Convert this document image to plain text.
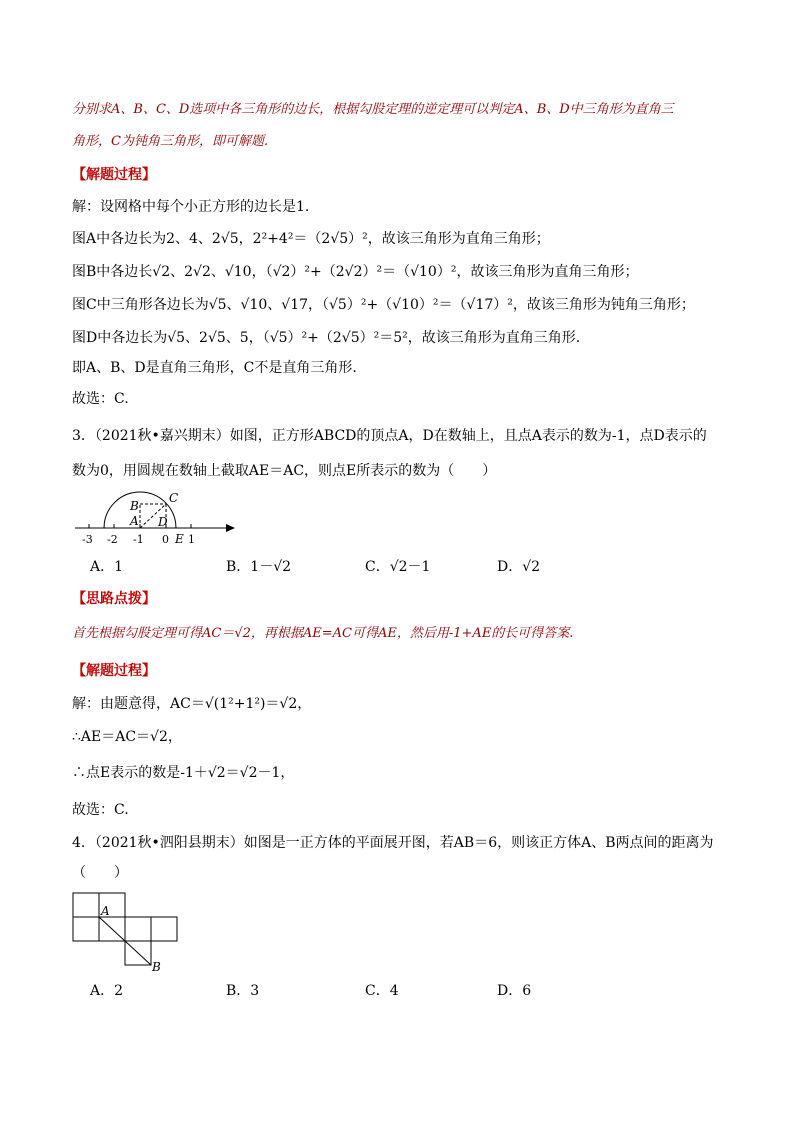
分别求A、B、C、D选项中各三角形的边长，根据勾股定理的逆定理可以判定A、B、D中三角形为直角三
角形，C为钝角三角形，即可解题.
【解题过程】
解：设网格中每个小正方形的边长是1.
图A中各边长为2、4、2√5，2²+4²＝（2√5）²，故该三角形为直角三角形；
图B中各边长√2、2√2、√10，（√2）²+（2√2）²＝（√10）²，故该三角形为直角三角形；
图C中三角形各边长为√5、√10、√17，（√5）²+（√10）²＝（√17）²，故该三角形为钝角三角形；
图D中各边长为√5、2√5、5，（√5）²+（2√5）²＝5²，故该三角形为直角三角形.
即A、B、D是直角三角形，C不是直角三角形.
故选：C.
3．（2021秋•嘉兴期末）如图，正方形ABCD的顶点A，D在数轴上，且点A表示的数为-1，点D表示的
数为0，用圆规在数轴上截取AE＝AC，则点E所表示的数为（　　）
B
A
C
D
E
-3 -2 -1 0 1
A．1	B．1－√2	C．√2－1	D．√2
【思路点拨】
首先根据勾股定理可得AC＝√2，再根据AE=AC可得AE，然后用-1+AE的长可得答案.
【解题过程】
解：由题意得，AC＝√(1²+1²)＝√2，
∴AE＝AC＝√2，
∴点E表示的数是-1＋√2＝√2－1，
故选：C.
4．（2021秋•泗阳县期末）如图是一正方体的平面展开图，若AB＝6，则该正方体A、B两点间的距离为
（　　）
A
B
A．2	B．3	C．4	D．6
